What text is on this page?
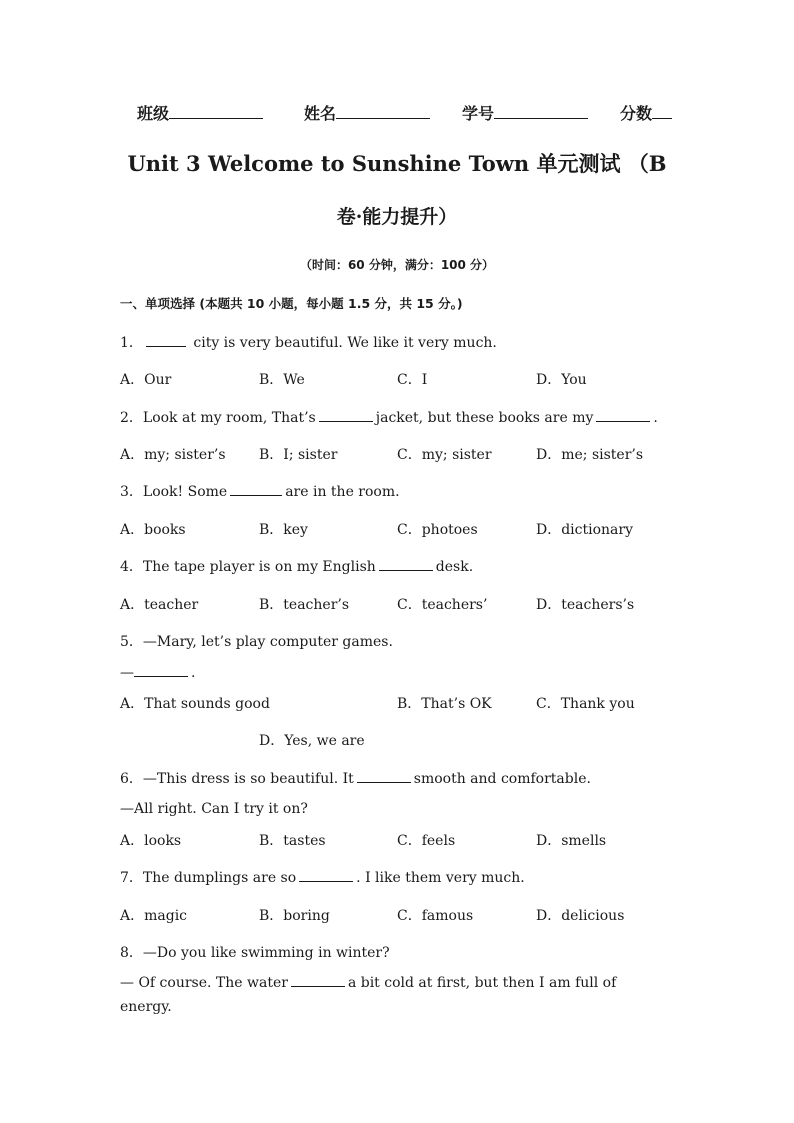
班级	姓名	学号	分数
Unit 3 Welcome to Sunshine Town 单元测试 （B
卷·能力提升）
（时间：60 分钟，满分：100 分）
一、单项选择 (本题共 10 小题，每小题 1.5 分，共 15 分。)
1．	city is very beautiful. We like it very much.
A．Our	B．We	C．I	D．You
2．Look at my room, That’s	jacket, but these books are my	.
A．my; sister’s B．I; sister	C．my; sister	D．me; sister’s
3．Look! Some	are in the room.
A．books	B．key	C．photoes	D．dictionary
4．The tape player is on my English	desk.
A．teacher	B．teacher’s	C．teachers’	D．teachers’s
5．—Mary, let’s play computer games.
—	.
A．That sounds good	B．That’s OK	C．Thank you
D．Yes, we are
6．—This dress is so beautiful. It	smooth and comfortable.
—All right. Can I try it on?
A．looks	B．tastes	C．feels	D．smells
7．The dumplings are so	. I like them very much.
A．magic	B．boring	C．famous	D．delicious
8．—Do you like swimming in winter?
— Of course. The water	a bit cold at first, but then I am full of energy.
